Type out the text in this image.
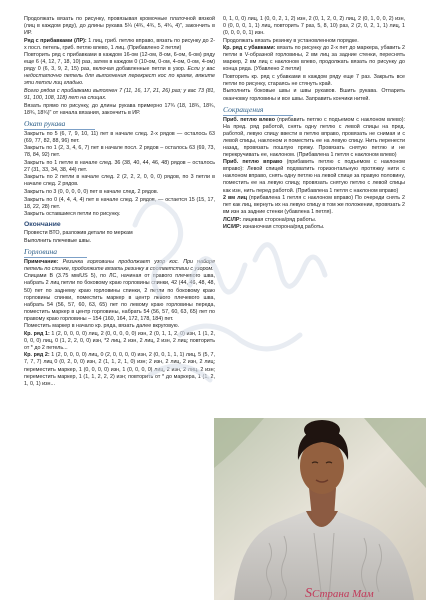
Продолжать вязать по рисунку, провязывая кромочные платочной вязкой (лиц в каждом ряду), до длины рукава 5¼ (4¾, 4¾, 5, 4¾, 4)", закончить в ИР.

Ряд с прибавками (ЛР): 1 лиц, гриб. петлю вправо, вязать по рисунку до 2-х посл. петель, гриб. петлю влево, 1 лиц. (Прибавлено 2 петли)

Повторить ряд с прибавками в каждом 16-ом (12-ом, 8-ом, 6-ом, 6-ом) ряду еще 6 (4, 12, 7, 18, 10) раз, затем в каждом 0 (10-ом, 0-ом, 4-ом, 0-ом, 4-ом) ряду 0 (6, 3, 9, 2, 15) раз, включая добавленные петли в узор. Если у вас недостаточно петель для выполнения перекрест кос по краям, вяжите эти петли лиц гладью.

Всего рядов с прибавками выполнен 7 (11, 16, 17, 21, 26) раз; у вас 73 (81, 91, 100, 108, 118) пет на спицах.

Вязать прямо по рисунку, до длины рукава примерно 17¾ (18, 18¾, 18¾, 18¾, 18¾)" от начала вязания, закончить в ИР.

Окат рукава

Закрыть по 5 (6, 7, 9, 10, 11) пет в начале след. 2-х рядов — осталось 63 (69, 77, 82, 88, 96) пет.

Закрыть по 1 (2, 3, 4, 6, 7) пет в начале посл. 2 рядов – осталось 63 (69, 73, 78, 84, 92) пет.

Закрыть по 1 петле в начале след. 36 (38, 40, 44, 46, 48) рядов – осталось 27 (31, 33, 34, 38, 44) пет.

Закрыть по 2 петли в начале след. 2 (2, 2, 2, 0, 0, 0) рядов, по 3 петли в начале след. 2 рядов.

Закрыть по 3 (0, 0, 0, 0, 0) пет в начале след. 2 рядов.

Закрыть по 0 (4, 4, 4, 4) пет в начале след. 2 рядов, — остается 15 (15, 17, 18, 22, 28) пет.

Закрыть оставшиеся петли по рисунку.

Окончание

Провести ВТО, разложив детали по меркам

Выполнить плечевые швы.

Горловина

Примечание: Резинка горловины продолжает узор кос. При наборе петель по спинке, продолжите вязать резинку в соответствии с узором.

Спицами В (3.75 мм/US 5), по ЛС, начиная от правого плечевого шва, набрать 2 лиц петли по боковому краю горловины спинки, 42 (44, 46, 48, 48, 50) пет по заднему краю горловины спинки, 2 петли по боковому краю горловины спинки, поместить маркер в центр левого плечевого шва, набрать 54 (56, 57, 60, 63, 65) пет по левому краю горловины переда, поместить маркер в центр горловины, набрать 54 (56, 57, 60, 63, 65) пет по правому краю горловины – 154 (160, 164, 172, 178, 184) пет.

Поместить маркер в начало кр. ряда, вязать далее вкруговую.

Кр. ряд 1: 1 (2, 0, 0, 0, 0) лиц, 2 (0, 0, 0, 0, 0) изн, 2 (0, 1, 1, 2, 0) изн, 1 (1, 2, 0, 0, 0) лиц, 0 (1, 2, 2, 0, 0) изн, *2 лиц, 2 изн, 2 лиц, 2 изн, 2 лиц; повторить от * до 2 петель...

Кр. ряд 2: 1 (2, 0, 0, 0, 0) лиц, 0 (2, 0, 0, 0, 0) изн, 2 (0, 0, 1, 1, 1) лиц, 5 (5, 7, 7, 7, 7) лиц 0 (0, 2, 0, 0) изн, 2 (1, 1, 2, 1, 0) изн; 2 изн, 2 лиц, 2 изн, 2 лиц; переместить маркер, 1 (0, 0, 0, 0) изн, 1 (0, 0, 0, 0) лиц, 2 изн, 2 лиц, 2 изн; переместить маркер, 1 (1, 1, 2, 2, 2) изн; повторить от * до маркера, 1 (1, 2, 1, 0, 1) изн...

0, 1, 0, 0) лиц, 1 (0, 0, 2, 1, 2) изн, 2 (0, 1, 2, 0, 2) лиц, 2 (0, 1, 0, 0, 2) изн, 0 (0, 0, 0, 1, 1) лиц, повторить 7 раз, 5, 8, 10) раз, 2 (2, 0, 2, 1, 1) лиц, 1 (0, 0, 0, 0, 1) изн.

Продолжать вязать резинку в установленном порядке.

Кр. ряд с убавками: вязать по рисунку до 2-х пет до маркера, убавить 2 петли в V-образной горловины, 2 вм лиц за задние стенки, переснять маркер, 2 вм лиц с наклоном влево, продолжать вязать по рисунку до конца ряда. (Убавлено 2 петли)

Повторить кр. ряд с убавками в каждом ряду еще 7 раз. Закрыть все петли по рисунку, стараясь не стянуть край.

Выполнить боковые швы и швы рукавов. Вшить рукава. Отпарить оканчовку горловины и все швы. Заправить кончики нитей.

Сокращения

Приб. петлю влево (прибавить петлю с подъемом с наклоном влево): На пред. ряд работой, снять одну петлю с левой спицы на пред. работой, левую спицу ввести в петлю вправо, провязать не снимая и с левой спицы, наклоном и поместить ее на левую спицу. Нить перенести назад, провязать пошлую пряжу. Провязать снятую петлю и не перекручивать ее, наклоном. (Прибавлена 1 петля с наклоном влево)

Приб. петлю вправо (прибавить петлю с подъемом с наклоном вправо): Левой спицей подхватить горизонтальную протяжку нити с наклоном вправо, снять одну петлю на левой спице за правую половину, поместить ее на левую спицу, провязать снятую петлю с левой спицы как изн, нить перед работой. (Прибавлена 1 петля с наклоном вправо)

2 вм лиц (прибавлена 1 петля с наклоном вправо) По очереди снять 2 пет как лиц, вернуть их на левую спицу в том же положении, провязать 2 вм изн за задние стенки (убавлена 1 петля).

ЛС/ЛР: лицевая сторона/ряд работы.

ИС/ИР: изнаночная сторона/ряд работы.

SСтрана Мам
